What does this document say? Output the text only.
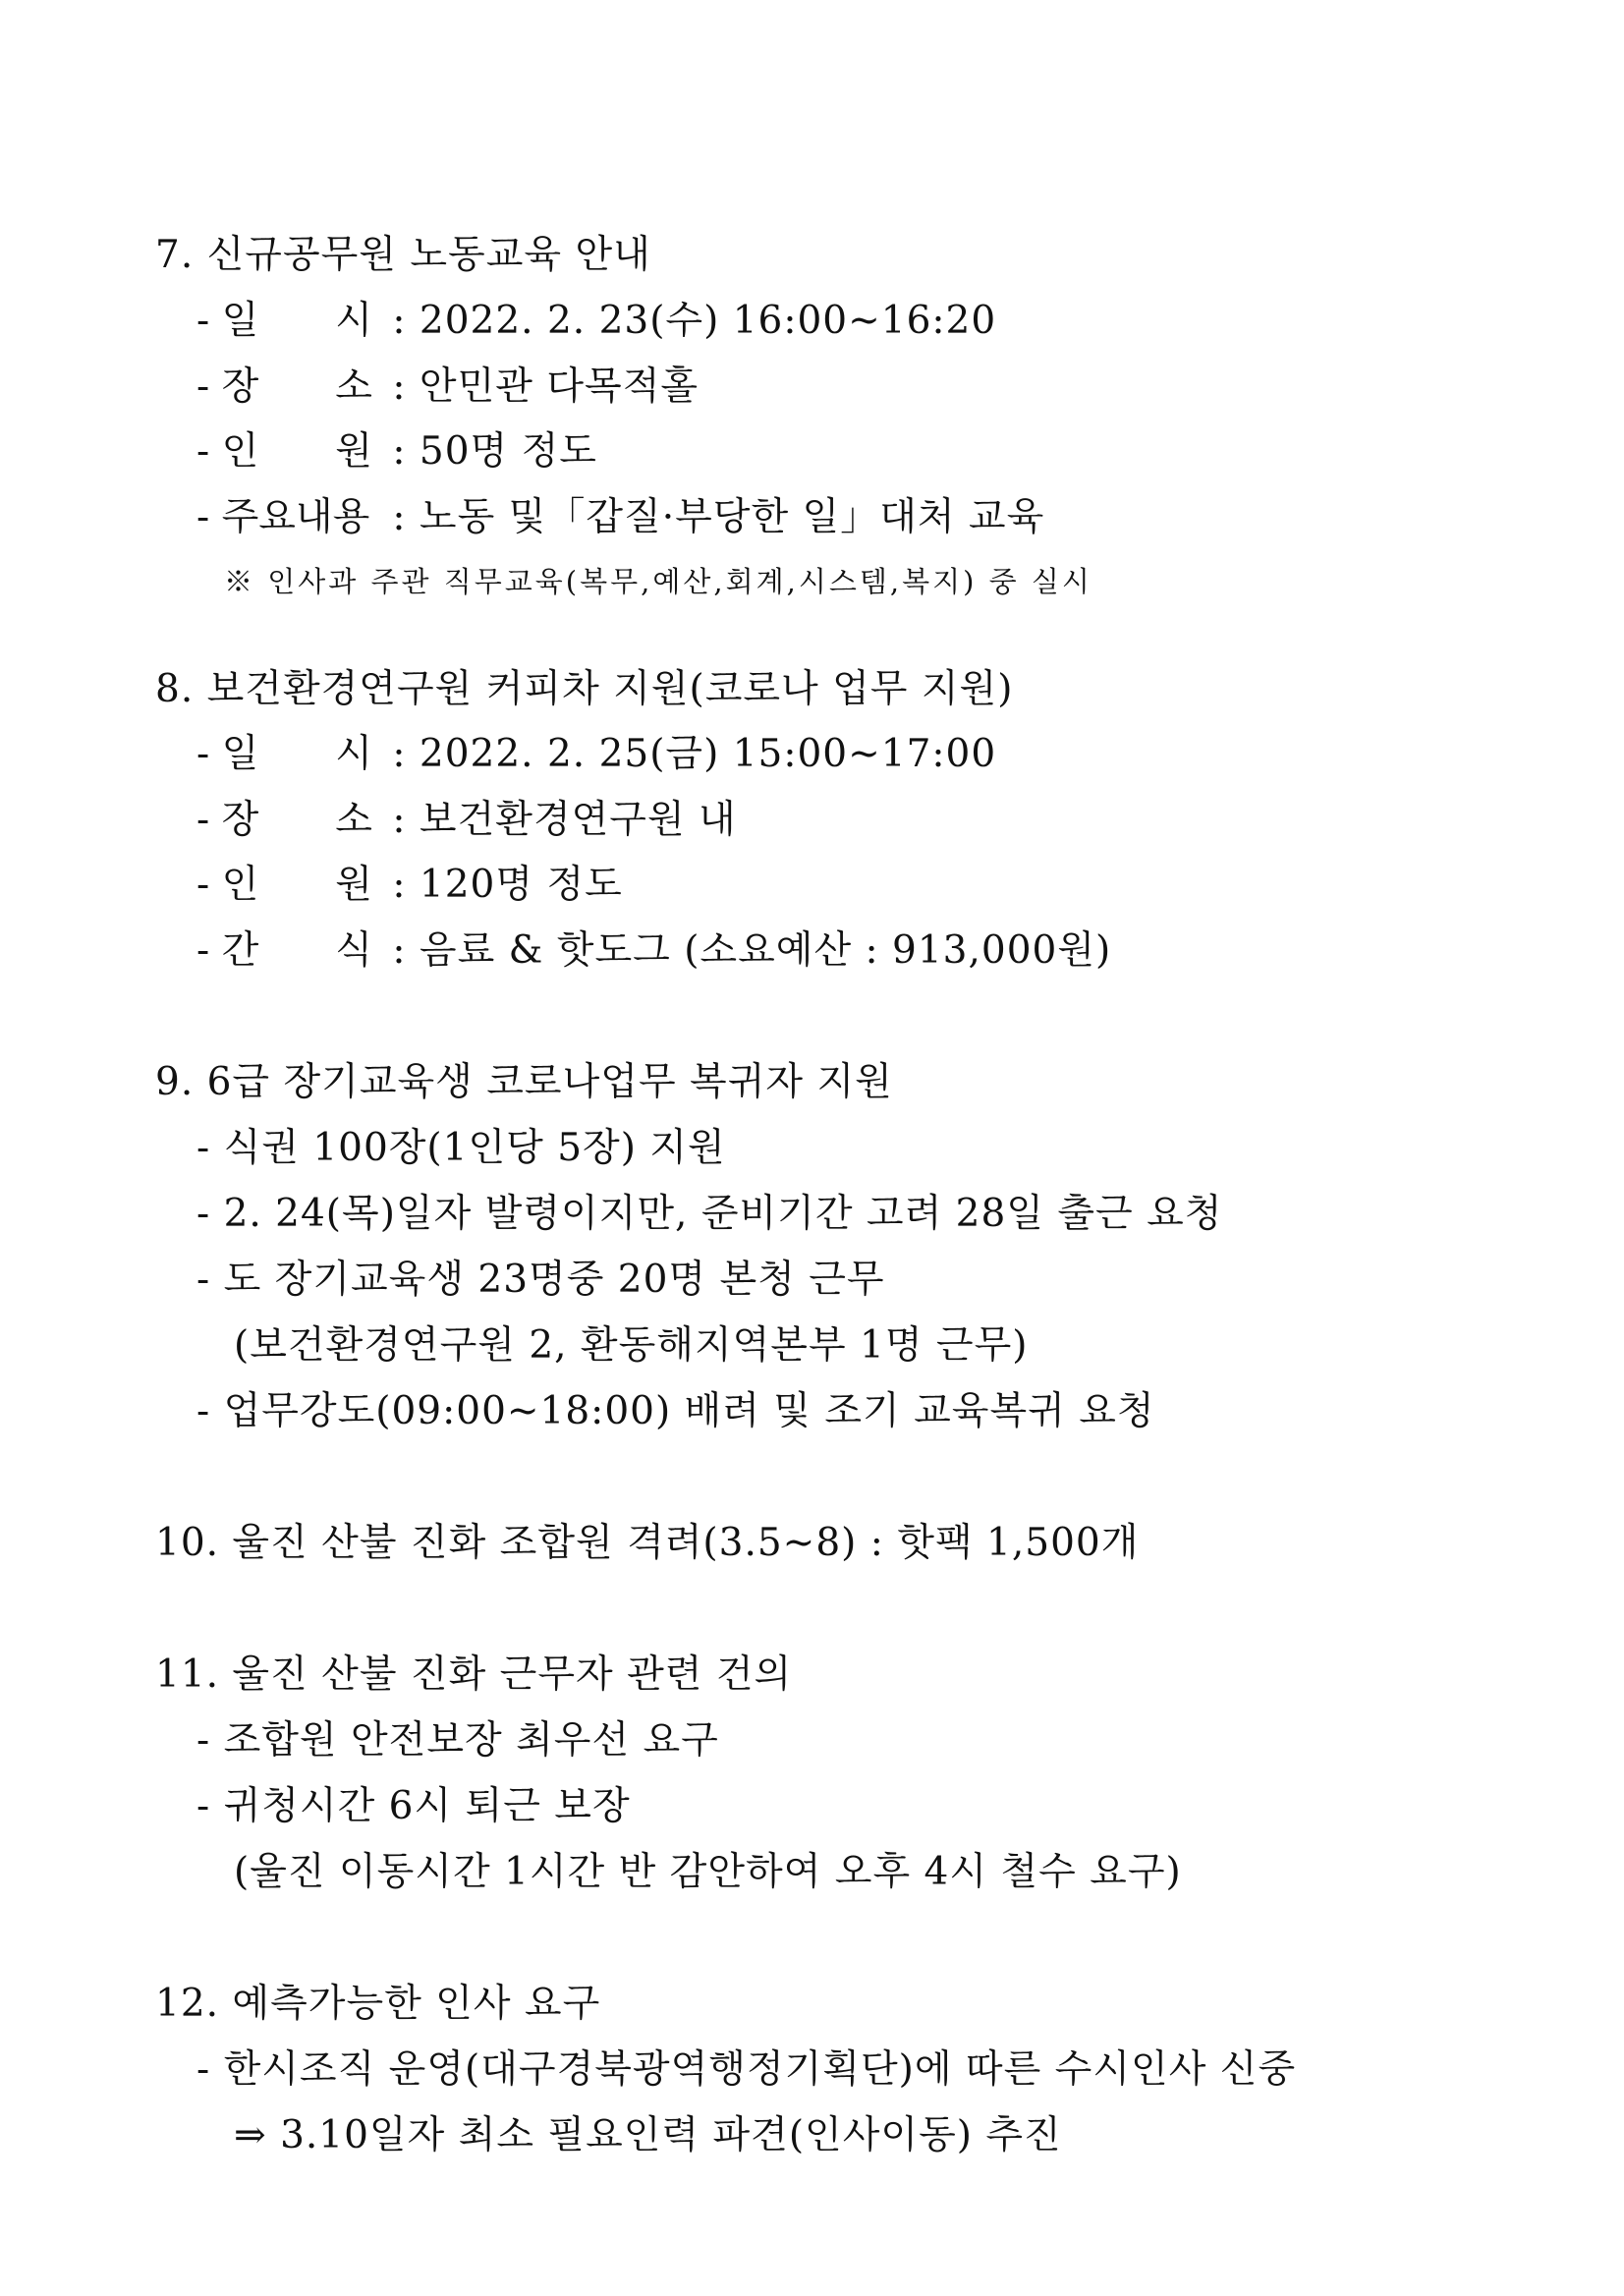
7. 신규공무원 노동교육 안내
- 일　　시 : 2022. 2. 23(수) 16:00~16:20
- 장　　소 : 안민관 다목적홀
- 인　　원 : 50명 정도
- 주요내용 : 노동 및「갑질·부당한 일」대처 교육
※ 인사과 주관 직무교육(복무,예산,회계,시스템,복지) 중 실시
8. 보건환경연구원 커피차 지원(코로나 업무 지원)
- 일　　시 : 2022. 2. 25(금) 15:00~17:00
- 장　　소 : 보건환경연구원 내
- 인　　원 : 120명 정도
- 간　　식 : 음료 & 핫도그 (소요예산 : 913,000원)
9. 6급 장기교육생 코로나업무 복귀자 지원
- 식권 100장(1인당 5장) 지원
- 2. 24(목)일자 발령이지만, 준비기간 고려 28일 출근 요청
- 도 장기교육생 23명중 20명 본청 근무
(보건환경연구원 2, 환동해지역본부 1명 근무)
- 업무강도(09:00~18:00) 배려 및 조기 교육복귀 요청
10. 울진 산불 진화 조합원 격려(3.5~8) : 핫팩 1,500개
11. 울진 산불 진화 근무자 관련 건의
- 조합원 안전보장 최우선 요구
- 귀청시간 6시 퇴근 보장
(울진 이동시간 1시간 반 감안하여 오후 4시 철수 요구)
12. 예측가능한 인사 요구
- 한시조직 운영(대구경북광역행정기획단)에 따른 수시인사 신중
⇒ 3.10일자 최소 필요인력 파견(인사이동) 추진
